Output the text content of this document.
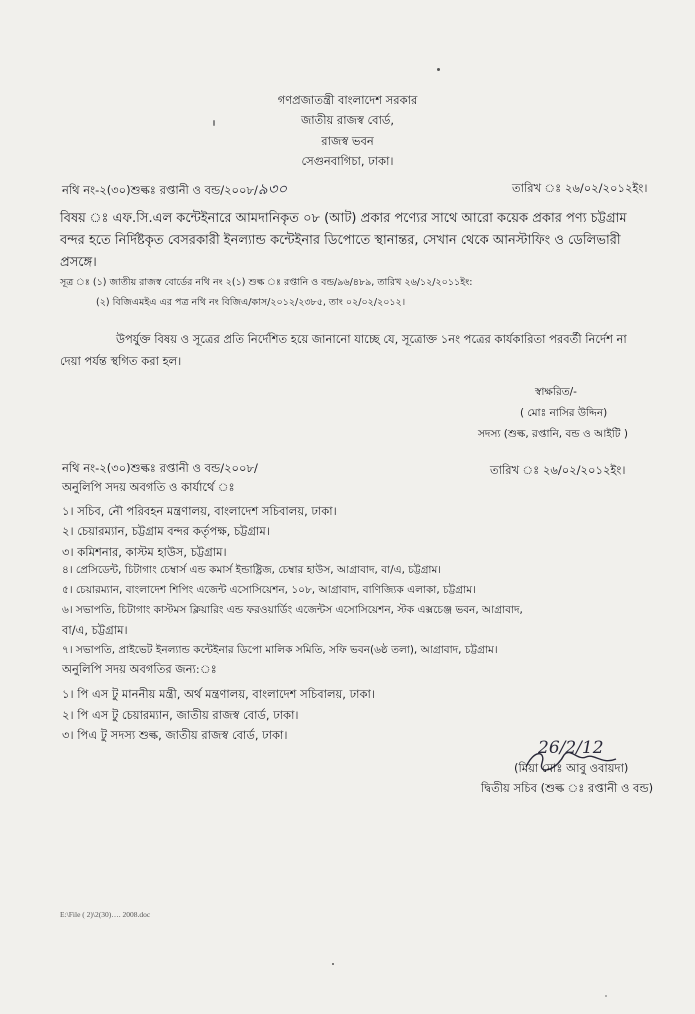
গণপ্রজাতন্ত্রী বাংলাদেশ সরকার
জাতীয় রাজস্ব বোর্ড,
রাজস্ব ভবন
সেগুনবাগিচা, ঢাকা।
নথি নং-২(৩০)শুল্কঃ রপ্তানী ও বন্ড/২০০৮/৯৩০	তারিখ ঃ ২৬/০২/২০১২ইং।
বিষয় ঃ এফ.সি.এল কন্টেইনারে আমদানিকৃত ০৮ (আট) প্রকার পণ্যের সাথে আরো কয়েক প্রকার পণ্য চট্টগ্রাম বন্দর হতে নির্দিষ্টকৃত বেসরকারী ইনল্যান্ড কন্টেইনার ডিপোতে স্থানান্তর, সেখান থেকে আনস্টাফিং ও ডেলিভারী প্রসঙ্গে।
সূত্র ঃ (১) জাতীয় রাজস্ব বোর্ডের নথি নং ২(১) শুল্ক ঃ রপ্তানি ও বন্ড/৯৬/৪৮৯, তারিখ ২৬/১২/২০১১ইং:
(২) বিজিএমইএ এর পত্র নথি নং বিজিএ/কাস/২০১২/২৩৮৫, তাং ০২/০২/২০১২।
উপর্যুক্ত বিষয় ও সূত্রের প্রতি নির্দেশিত হয়ে জানানো যাচ্ছে যে, সূত্রোক্ত ১নং পত্রের কার্যকারিতা পরবর্তী নির্দেশ না দেয়া পর্যন্ত স্থগিত করা হল।
স্বাক্ষরিত/-
( মোঃ নাসির উদ্দিন)
সদস্য (শুল্ক, রপ্তানি, বন্ড ও আইটি )
নথি নং-২(৩০)শুল্কঃ রপ্তানী ও বন্ড/২০০৮/	তারিখ ঃ ২৬/০২/২০১২ইং।
অনুলিপি সদয় অবগতি ও কার্যার্থে ঃ
১। সচিব, নৌ পরিবহন মন্ত্রণালয়, বাংলাদেশ সচিবালয়, ঢাকা।
২। চেয়ারম্যান, চট্টগ্রাম বন্দর কর্তৃপক্ষ, চট্টগ্রাম।
৩। কমিশনার, কাস্টম হাউস, চট্টগ্রাম।
৪। প্রেসিডেন্ট, চিটাগাং চেম্বার্স এন্ড কমার্স ইন্ডাষ্ট্রিজ, চেম্বার হাউস, আগ্রাবাদ, বা/এ, চট্টগ্রাম।
৫। চেয়ারম্যান, বাংলাদেশ শিপিং এজেন্ট এসোসিয়েশন, ১০৮, আগ্রাবাদ, বাণিজ্যিক এলাকা, চট্টগ্রাম।
৬। সভাপতি, চিটাগাং কাস্টমস ক্লিয়ারিং এন্ড ফরওয়ার্ডিং এজেন্টস এসোসিয়েশন, স্টক এক্সচেঞ্জ ভবন, আগ্রাবাদ,
বা/এ, চট্টগ্রাম।
৭। সভাপতি, প্রাইভেট ইনল্যান্ড কন্টেইনার ডিপো মালিক সমিতি, সফি ভবন(৬ষ্ঠ তলা), আগ্রাবাদ, চট্টগ্রাম।
অনুলিপি সদয় অবগতির জন্য:ঃ
১। পি এস টু মাননীয় মন্ত্রী, অর্থ মন্ত্রণালয়, বাংলাদেশ সচিবালয়, ঢাকা।
২। পি এস টু চেয়ারম্যান, জাতীয় রাজস্ব বোর্ড, ঢাকা।
৩। পিএ টু সদস্য শুল্ক, জাতীয় রাজস্ব বোর্ড, ঢাকা।
26/2/12
(মিয়া মোঃ আবু ওবায়দা)
দ্বিতীয় সচিব (শুল্ক ঃ রপ্তানী ও বন্ড)
E:\File ( 2)\2(30)…. 2008.doc
